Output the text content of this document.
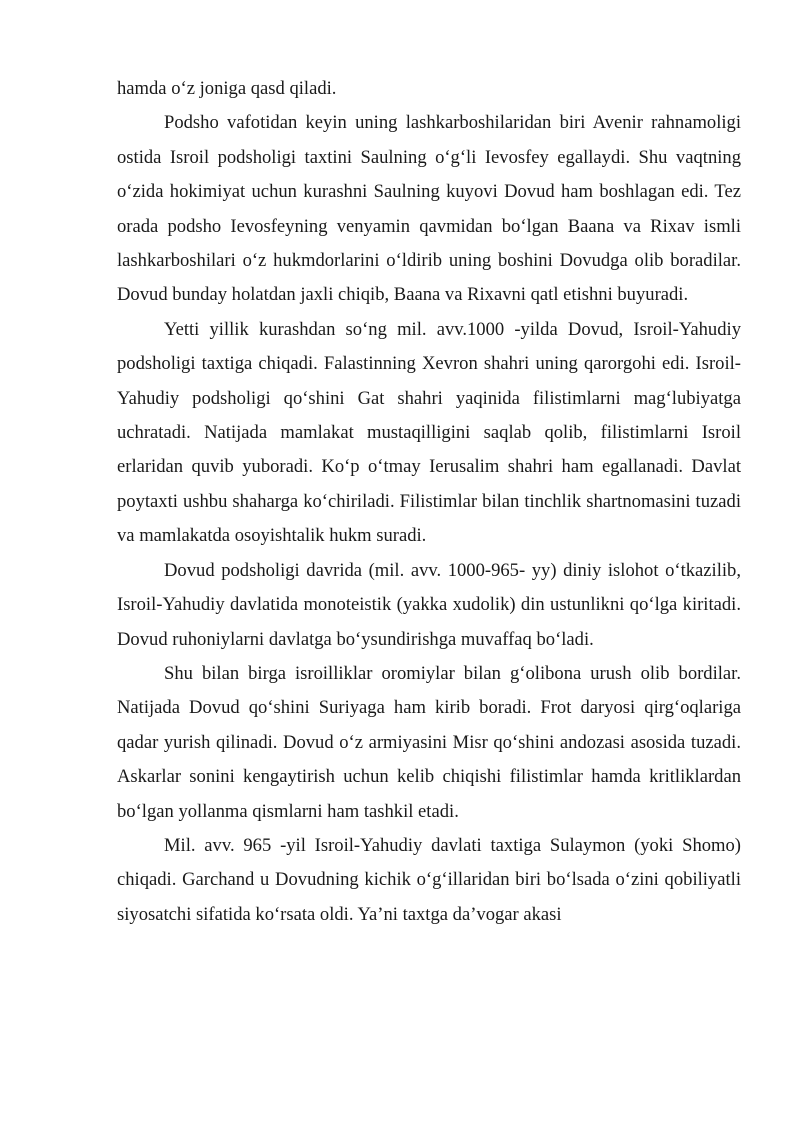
hamda o‘z joniga qasd qiladi.

Podsho vafotidan keyin uning lashkarboshilaridan biri Avenir rahnamoligi ostida Isroil podsholigi taxtini Saulning o‘g‘li Ievosfey egallaydi. Shu vaqtning o‘zida hokimiyat uchun kurashni Saulning kuyovi Dovud ham boshlagan edi. Tez orada podsho Ievosfeyning venyamin qavmidan bo‘lgan Baana va Rixav ismli lashkarboshilari o‘z hukmdorlarini o‘ldirib uning boshini Dovudga olib boradilar. Dovud bunday holatdan jaxli chiqib, Baana va Rixavni qatl etishni buyuradi.

Yetti yillik kurashdan so‘ng mil. avv.1000 -yilda Dovud, Isroil-Yahudiy podsholigi taxtiga chiqadi. Falastinning Xevron shahri uning qarorgohi edi. Isroil- Yahudiy podsholigi qo‘shini Gat shahri yaqinida filistimlarni mag‘lubiyatga uchratadi. Natijada mamlakat mustaqilligini saqlab qolib, filistimlarni Isroil erlaridan quvib yuboradi. Ko‘p o‘tmay Ierusalim shahri ham egallanadi. Davlat poytaxti ushbu shaharga ko‘chiriladi. Filistimlar bilan tinchlik shartnomasini tuzadi va mamlakatda osoyishtalik hukm suradi.

Dovud podsholigi davrida (mil. avv. 1000-965- yy) diniy islohot o‘tkazilib, Isroil-Yahudiy davlatida monoteistik (yakka xudolik) din ustunlikni qo‘lga kiritadi. Dovud ruhoniylarni davlatga bo‘ysundirishga muvaffaq bo‘ladi.

Shu bilan birga isroilliklar oromiylar bilan g‘olibona urush olib bordilar. Natijada Dovud qo‘shini Suriyaga ham kirib boradi. Frot daryosi qirg‘oqlariga qadar yurish qilinadi. Dovud o‘z armiyasini Misr qo‘shini andozasi asosida tuzadi. Askarlar sonini kengaytirish uchun kelib chiqishi filistimlar hamda kritliklardan bo‘lgan yollanma qismlarni ham tashkil etadi.

Mil. avv. 965 -yil Isroil-Yahudiy davlati taxtiga Sulaymon (yoki Shomo) chiqadi. Garchand u Dovudning kichik o‘g‘illaridan biri bo‘lsada o‘zini qobiliyatli siyosatchi sifatida ko‘rsata oldi. Ya’ni taxtga da’vogar akasi
